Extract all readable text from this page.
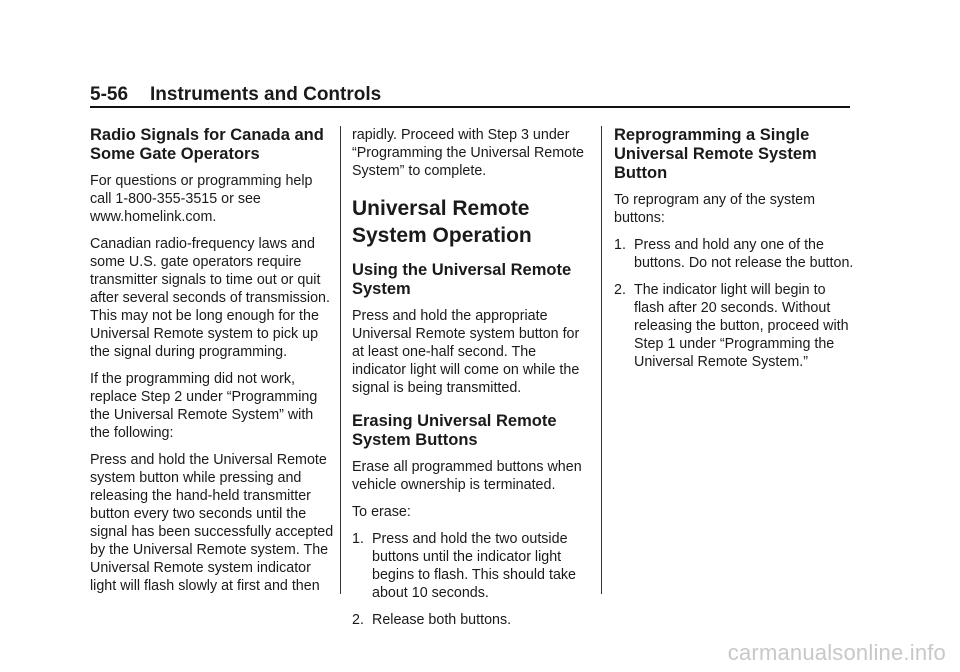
5-56 Instruments and Controls
Radio Signals for Canada and Some Gate Operators

For questions or programming help call 1-800-355-3515 or see www.homelink.com.

Canadian radio-frequency laws and some U.S. gate operators require transmitter signals to time out or quit after several seconds of transmission. This may not be long enough for the Universal Remote system to pick up the signal during programming.

If the programming did not work, replace Step 2 under “Programming the Universal Remote System” with the following:

Press and hold the Universal Remote system button while pressing and releasing the hand-held transmitter button every two seconds until the signal has been successfully accepted by the Universal Remote system. The Universal Remote system indicator light will flash slowly at first and then

rapidly. Proceed with Step 3 under “Programming the Universal Remote System” to complete.

Universal Remote System Operation
Using the Universal Remote System

Press and hold the appropriate Universal Remote system button for at least one-half second. The indicator light will come on while the signal is being transmitted.

Erasing Universal Remote System Buttons

Erase all programmed buttons when vehicle ownership is terminated.

To erase:

1. Press and hold the two outside buttons until the indicator light begins to flash. This should take about 10 seconds.
2. Release both buttons.
Reprogramming a Single Universal Remote System Button

To reprogram any of the system buttons:

1. Press and hold any one of the buttons. Do not release the button.
2. The indicator light will begin to flash after 20 seconds. Without releasing the button, proceed with Step 1 under “Programming the Universal Remote System.”
carmanualsonline.info
